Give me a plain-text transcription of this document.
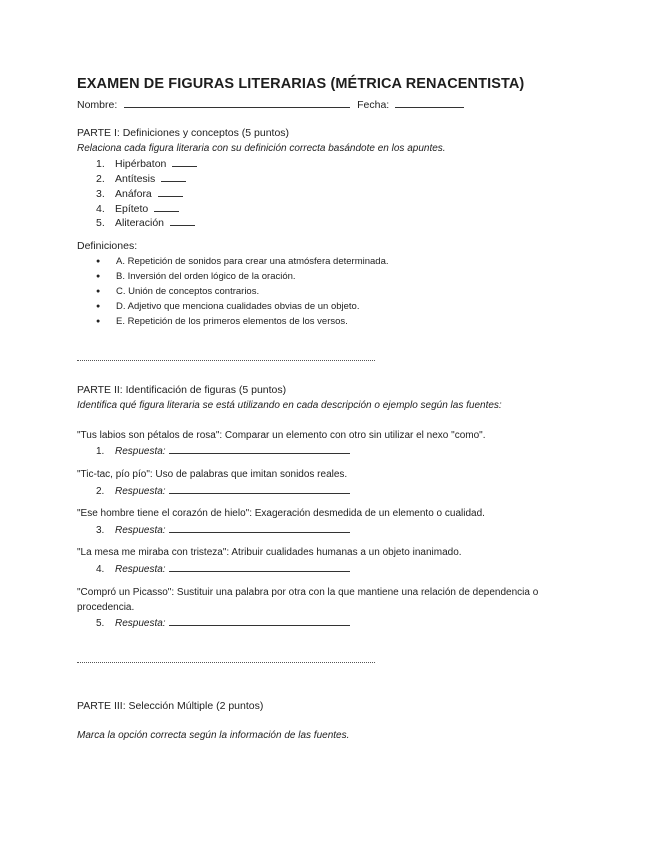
EXAMEN DE FIGURAS LITERARIAS (MÉTRICA RENACENTISTA)
Nombre:	Fecha:
PARTE I: Definiciones y conceptos (5 puntos)
Relaciona cada figura literaria con su definición correcta basándote en los apuntes.
1. Hipérbaton
2. Antítesis
3. Anáfora
4. Epíteto
5. Aliteración
Definiciones:
● A. Repetición de sonidos para crear una atmósfera determinada.
● B. Inversión del orden lógico de la oración.
● C. Unión de conceptos contrarios.
● D. Adjetivo que menciona cualidades obvias de un objeto.
● E. Repetición de los primeros elementos de los versos.
PARTE II: Identificación de figuras (5 puntos)
Identifica qué figura literaria se está utilizando en cada descripción o ejemplo según las fuentes:
"Tus labios son pétalos de rosa": Comparar un elemento con otro sin utilizar el nexo "como".
1. Respuesta:
"Tic-tac, pío pío": Uso de palabras que imitan sonidos reales.
2. Respuesta:
"Ese hombre tiene el corazón de hielo": Exageración desmedida de un elemento o cualidad.
3. Respuesta:
"La mesa me miraba con tristeza": Atribuir cualidades humanas a un objeto inanimado.
4. Respuesta:
"Compró un Picasso": Sustituir una palabra por otra con la que mantiene una relación de dependencia o procedencia.
5. Respuesta:
PARTE III: Selección Múltiple (2 puntos)
Marca la opción correcta según la información de las fuentes.
